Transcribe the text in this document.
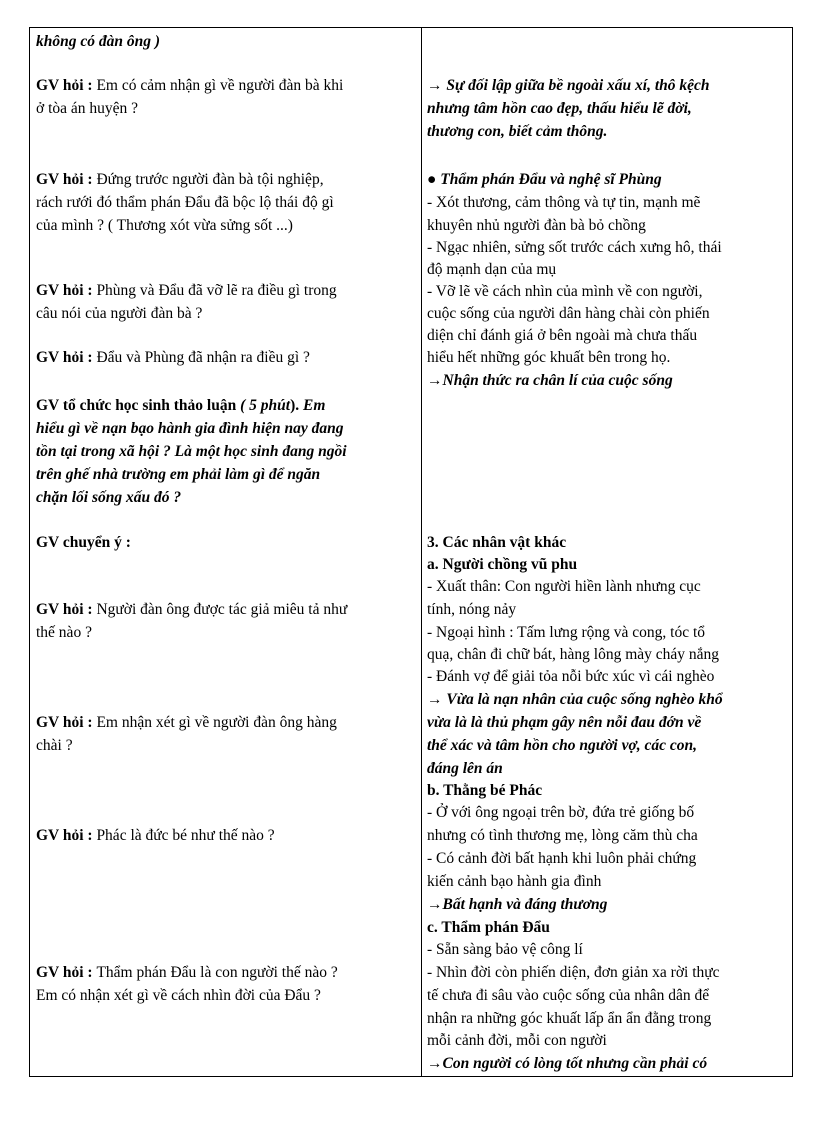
không có đàn ông )
GV hỏi : Em có cảm nhận gì về người đàn bà khi
ở tòa án huyện ?
GV hỏi : Đứng trước người đàn bà tội nghiệp,
rách rưới đó thẩm phán Đẩu đã bộc lộ thái độ gì
của mình ? ( Thương xót vừa sửng sốt ...)
GV hỏi : Phùng và Đẩu đã vỡ lẽ ra điều gì trong
câu nói của người đàn bà ?
GV hỏi : Đẩu và Phùng đã nhận ra điều gì ?
GV tổ chức học sinh thảo luận ( 5 phút). Em
hiểu gì về nạn bạo hành gia đình hiện nay đang
tồn tại trong xã hội ? Là một học sinh đang ngồi
trên ghế nhà trường em phải làm gì để ngăn
chặn lối sống xấu đó ?
GV chuyển ý :
GV hỏi : Người đàn ông được tác giả miêu tả như
thế nào ?
GV hỏi : Em nhận xét gì về người đàn ông hàng
chài ?
GV hỏi : Phác là đức bé như thế nào ?
GV hỏi : Thẩm phán Đẩu là con người thế nào ?
Em có nhận xét gì về cách nhìn đời của Đẩu ?
→ Sự đối lập giữa bề ngoài xấu xí, thô kệch
nhưng tâm hồn cao đẹp, thấu hiểu lẽ đời,
thương con, biết cảm thông.
● Thẩm phán Đẩu và nghệ sĩ Phùng
- Xót thương, cảm thông và tự tin, mạnh mẽ
khuyên nhủ người đàn bà bỏ chồng
- Ngạc nhiên, sửng sốt trước cách xưng hô, thái
độ mạnh dạn của mụ
- Vỡ lẽ về cách nhìn của mình về con người,
cuộc sống của người dân hàng chài còn phiến
diện chỉ đánh giá ở bên ngoài mà chưa thấu
hiểu hết những góc khuất bên trong họ.
→Nhận thức ra chân lí của cuộc sống
3. Các nhân vật khác
a. Người chồng vũ phu
- Xuất thân: Con người hiền lành nhưng cục
tính, nóng nảy
- Ngoại hình : Tấm lưng rộng và cong, tóc tổ
quạ, chân đi chữ bát, hàng lông mày cháy nắng
- Đánh vợ để giải tỏa nỗi bức xúc vì cái nghèo
→ Vừa là nạn nhân của cuộc sống nghèo khổ
vừa là là thủ phạm gây nên nỗi đau đớn về
thể xác và tâm hồn cho người vợ, các con,
đáng lên án
b. Thằng bé Phác
- Ở với ông ngoại trên bờ, đứa trẻ giống bố
nhưng có tình thương mẹ, lòng căm thù cha
- Có cảnh đời bất hạnh khi luôn phải chứng
kiến cảnh bạo hành gia đình
→Bất hạnh và đáng thương
c. Thẩm phán Đẩu
- Sẵn sàng bảo vệ công lí
- Nhìn đời còn phiến diện, đơn giản xa rời thực
tế chưa đi sâu vào cuộc sống của nhân dân để
nhận ra những góc khuất lấp ẩn ẩn đằng trong
mỗi cảnh đời, mỗi con người
→Con người có lòng tốt nhưng cần phải có
